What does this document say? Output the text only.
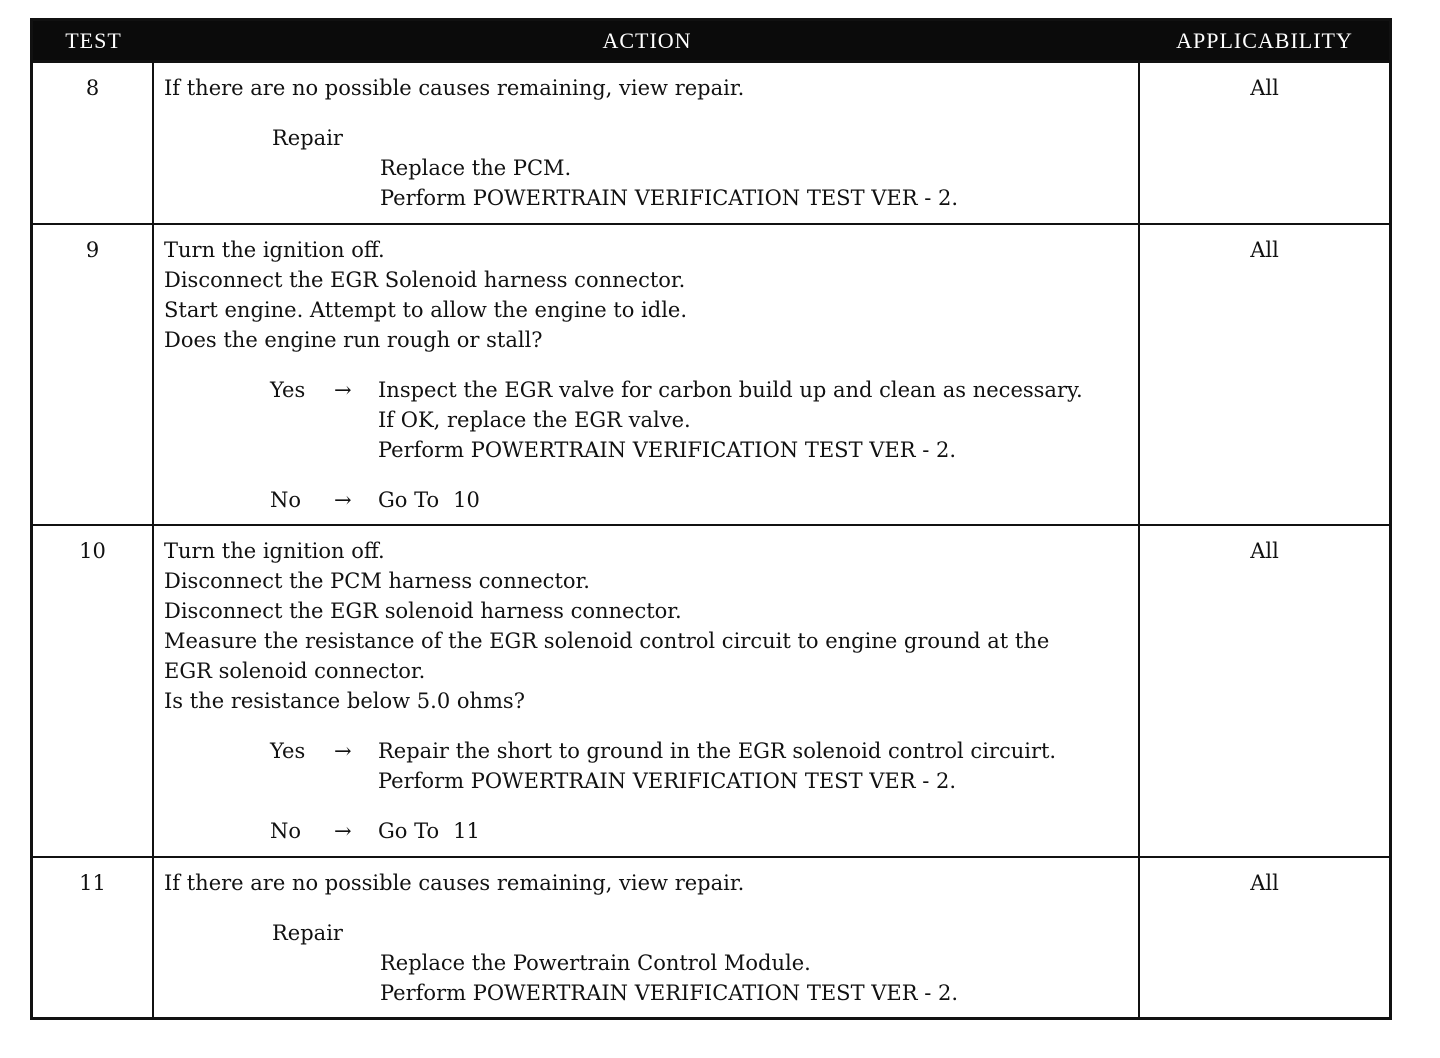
TEST	ACTION	APPLICABILITY
8	If there are no possible causes remaining, view repair.
Repair
Replace the PCM.
Perform POWERTRAIN VERIFICATION TEST VER - 2.
All
9	Turn the ignition off.
Disconnect the EGR Solenoid harness connector.
Start engine. Attempt to allow the engine to idle.
Does the engine run rough or stall?
Yes	→	Inspect the EGR valve for carbon build up and clean as necessary.
If OK, replace the EGR valve.
Perform POWERTRAIN VERIFICATION TEST VER - 2.
No	→	Go To 10
All
10	Turn the ignition off.
Disconnect the PCM harness connector.
Disconnect the EGR solenoid harness connector.
Measure the resistance of the EGR solenoid control circuit to engine ground at the
EGR solenoid connector.
Is the resistance below 5.0 ohms?
Yes	→	Repair the short to ground in the EGR solenoid control circuirt.
Perform POWERTRAIN VERIFICATION TEST VER - 2.
No	→	Go To 11
All
11	If there are no possible causes remaining, view repair.
Repair
Replace the Powertrain Control Module.
Perform POWERTRAIN VERIFICATION TEST VER - 2.
All
